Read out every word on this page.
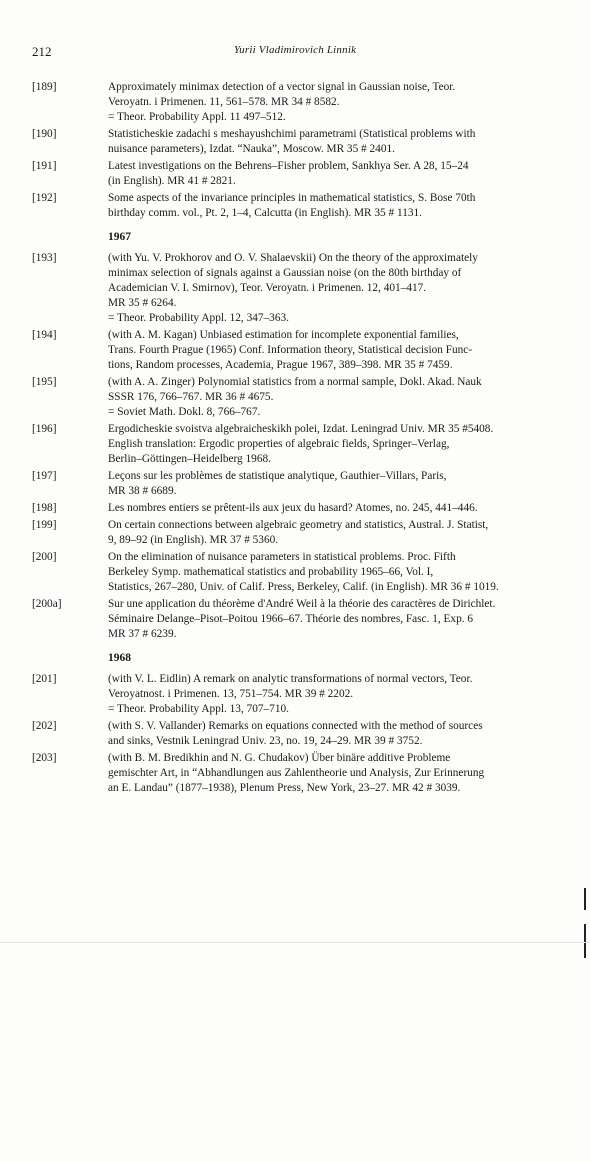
212	Yurii Vladimirovich Linnik
[189]	Approximately minimax detection of a vector signal in Gaussian noise, Teor.
Veroyatn. i Primenen. 11, 561–578. MR 34 # 8582.
= Theor. Probability Appl. 11 497–512.
[190]	Statisticheskie zadachi s meshayushchimi parametrami (Statistical problems with
nuisance parameters), Izdat. “Nauka”, Moscow. MR 35 # 2401.
[191]	Latest investigations on the Behrens–Fisher problem, Sankhya Ser. A 28, 15–24
(in English). MR 41 # 2821.
[192]	Some aspects of the invariance principles in mathematical statistics, S. Bose 70th
birthday comm. vol., Pt. 2, 1–4, Calcutta (in English). MR 35 # 1131.
1967
[193]	(with Yu. V. Prokhorov and O. V. Shalaevskii) On the theory of the approximately
minimax selection of signals against a Gaussian noise (on the 80th birthday of
Academician V. I. Smirnov), Teor. Veroyatn. i Primenen. 12, 401–417.
MR 35 # 6264.
= Theor. Probability Appl. 12, 347–363.
[194]	(with A. M. Kagan) Unbiased estimation for incomplete exponential families,
Trans. Fourth Prague (1965) Conf. Information theory, Statistical decision Func-
tions, Random processes, Academia, Prague 1967, 389–398. MR 35 # 7459.
[195]	(with A. A. Zinger) Polynomial statistics from a normal sample, Dokl. Akad. Nauk
SSSR 176, 766–767. MR 36 # 4675.
= Soviet Math. Dokl. 8, 766–767.
[196]	Ergodicheskie svoistva algebraicheskikh polei, Izdat. Leningrad Univ. MR 35 #5408.
English translation: Ergodic properties of algebraic fields, Springer–Verlag,
Berlin–Göttingen–Heidelberg 1968.
[197]	Leçons sur les problèmes de statistique analytique, Gauthier–Villars, Paris,
MR 38 # 6689.
[198]	Les nombres entiers se prêtent-ils aux jeux du hasard? Atomes, no. 245, 441–446.
[199]	On certain connections between algebraic geometry and statistics, Austral. J. Statist,
9, 89–92 (in English). MR 37 # 5360.
[200]	On the elimination of nuisance parameters in statistical problems. Proc. Fifth
Berkeley Symp. mathematical statistics and probability 1965–66, Vol. I,
Statistics, 267–280, Univ. of Calif. Press, Berkeley, Calif. (in English). MR 36 # 1019.
[200a]	Sur une application du théorème d'André Weil à la théorie des caractères de Dirichlet.
Séminaire Delange–Pisot–Poitou 1966–67. Théorie des nombres, Fasc. 1, Exp. 6
MR 37 # 6239.
1968
[201]	(with V. L. Eidlin) A remark on analytic transformations of normal vectors, Teor.
Veroyatnost. i Primenen. 13, 751–754. MR 39 # 2202.
= Theor. Probability Appl. 13, 707–710.
[202]	(with S. V. Vallander) Remarks on equations connected with the method of sources
and sinks, Vestnik Leningrad Univ. 23, no. 19, 24–29. MR 39 # 3752.
[203]	(with B. M. Bredikhin and N. G. Chudakov) Über binäre additive Probleme
gemischter Art, in “Abhandlungen aus Zahlentheorie und Analysis, Zur Erinnerung
an E. Landau” (1877–1938), Plenum Press, New York, 23–27. MR 42 # 3039.
